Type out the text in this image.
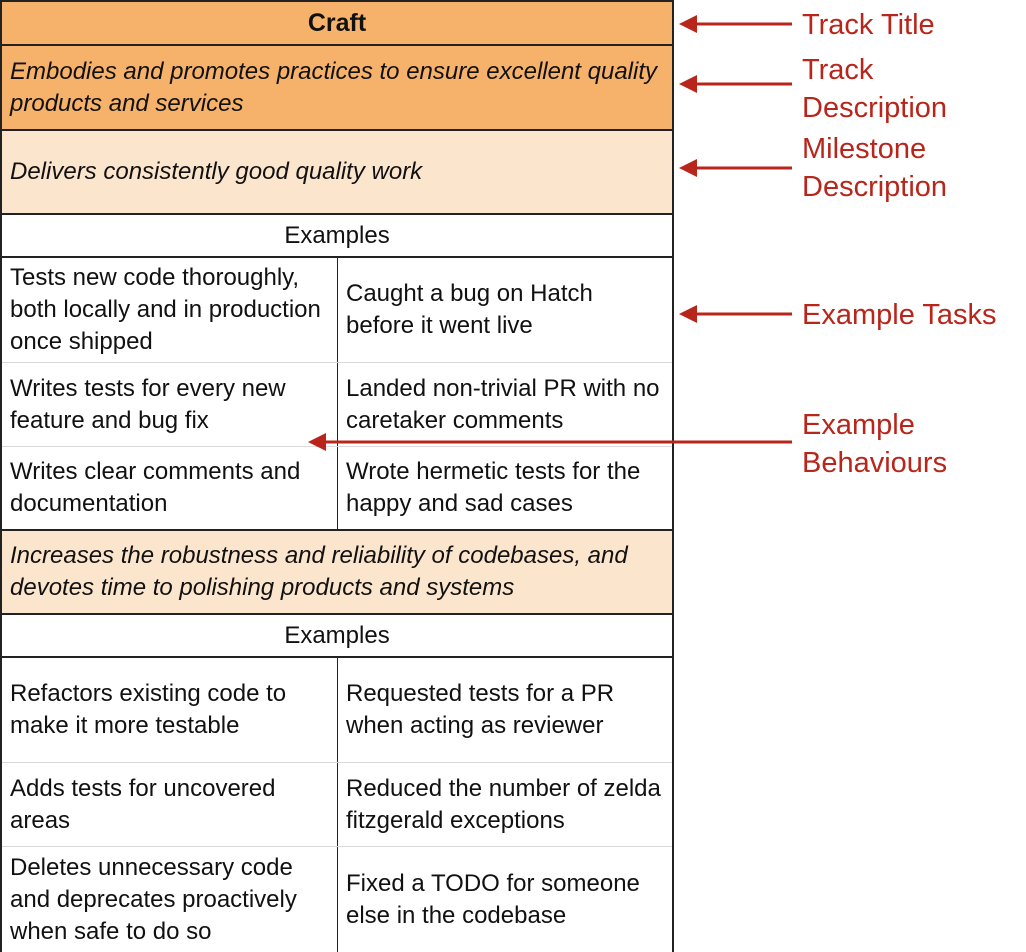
Craft
Embodies and promotes practices to ensure excellent quality products and services
Delivers consistently good quality work
Examples
Tests new code thoroughly, both locally and in production once shipped
Caught a bug on Hatch before it went live
Writes tests for every new feature and bug fix
Landed non-trivial PR with no caretaker comments
Writes clear comments and documentation
Wrote hermetic tests for the happy and sad cases
Increases the robustness and reliability of codebases, and devotes time to polishing products and systems
Examples
Refactors existing code to make it more testable
Requested tests for a PR when acting as reviewer
Adds tests for uncovered areas
Reduced the number of zelda fitzgerald exceptions
Deletes unnecessary code and deprecates proactively when safe to do so
Fixed a TODO for someone else in the codebase
Track Title
Track
Description
Milestone
Description
Example Tasks
Example
Behaviours
